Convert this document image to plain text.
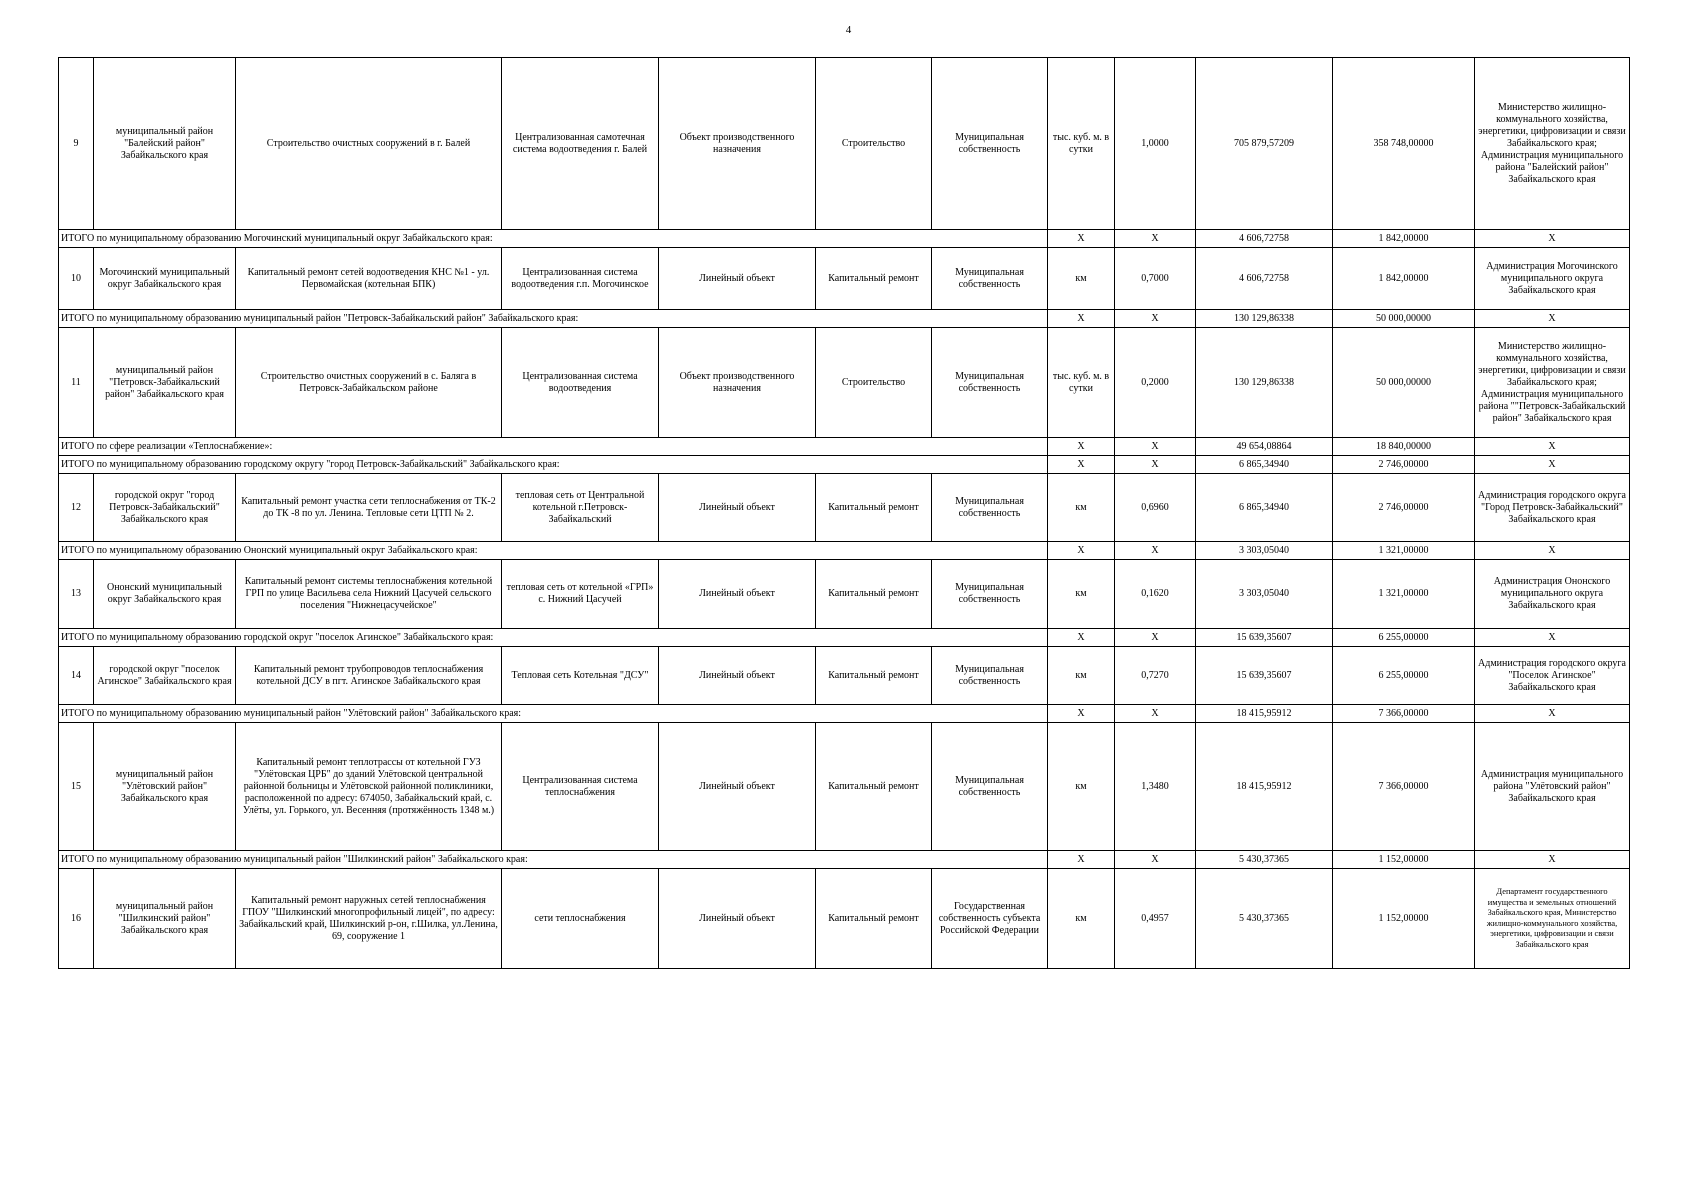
4
9	муниципальный район "Балейский район" Забайкальского края	Строительство очистных сооружений в г. Балей	Централизованная самотечная система водоотведения г. Балей	Объект производственного назначения	Строительство	Муниципальная собственность	тыс. куб. м. в сутки	1,0000	705 879,57209	358 748,00000	Министерство жилищно-коммунального хозяйства, энергетики, цифровизации и связи Забайкальского края; Администрация муниципального района "Балейский район" Забайкальского края
ИТОГО по муниципальному образованию Могочинский муниципальный округ Забайкальского края:							Х	Х	4 606,72758	1 842,00000	Х
10	Могочинский муниципальный округ Забайкальского края	Капитальный ремонт сетей водоотведения КНС №1 - ул. Первомайская (котельная БПК)	Централизованная система водоотведения г.п. Могочинское	Линейный объект	Капитальный ремонт	Муниципальная собственность	км	0,7000	4 606,72758	1 842,00000	Администрация Могочинского муниципального округа Забайкальского края
ИТОГО по муниципальному образованию муниципальный район "Петровск-Забайкальский район" Забайкальского края:							Х	Х	130 129,86338	50 000,00000	Х
11	муниципальный район "Петровск-Забайкальский район" Забайкальского края	Строительство очистных сооружений в с. Баляга в Петровск-Забайкальском районе	Централизованная система водоотведения	Объект производственного назначения	Строительство	Муниципальная собственность	тыс. куб. м. в сутки	0,2000	130 129,86338	50 000,00000	Министерство жилищно-коммунального хозяйства, энергетики, цифровизации и связи Забайкальского края; Администрация муниципального района ""Петровск-Забайкальский район" Забайкальского края
ИТОГО по сфере реализации «Теплоснабжение»:							Х	Х	49 654,08864	18 840,00000	Х
ИТОГО по муниципальному образованию городскому округу "город Петровск-Забайкальский" Забайкальского края:							Х	Х	6 865,34940	2 746,00000	Х
12	городской округ "город Петровск-Забайкальский" Забайкальского края	Капитальный ремонт участка сети теплоснабжения от ТК-2 до ТК -8 по ул. Ленина. Тепловые сети ЦТП № 2.	тепловая сеть от Центральной котельной г.Петровск-Забайкальский	Линейный объект	Капитальный ремонт	Муниципальная собственность	км	0,6960	6 865,34940	2 746,00000	Администрация городского округа "Город Петровск-Забайкальский" Забайкальского края
ИТОГО по муниципальному образованию Ононский муниципальный округ Забайкальского края:							Х	Х	3 303,05040	1 321,00000	Х
13	Ононский муниципальный округ Забайкальского края	Капитальный ремонт системы теплоснабжения котельной ГРП по улице Васильева села Нижний Цасучей сельского поселения "Нижнецасучейское"	тепловая сеть от котельной «ГРП» с. Нижний Цасучей	Линейный объект	Капитальный ремонт	Муниципальная собственность	км	0,1620	3 303,05040	1 321,00000	Администрация Ононского муниципального округа Забайкальского края
ИТОГО по муниципальному образованию городской округ "поселок Агинское" Забайкальского края:							Х	Х	15 639,35607	6 255,00000	Х
14	городской округ "поселок Агинское" Забайкальского края	Капитальный ремонт трубопроводов теплоснабжения котельной ДСУ в пгт. Агинское Забайкальского края	Тепловая сеть Котельная "ДСУ"	Линейный объект	Капитальный ремонт	Муниципальная собственность	км	0,7270	15 639,35607	6 255,00000	Администрация городского округа "Поселок Агинское" Забайкальского края
ИТОГО по муниципальному образованию муниципальный район "Улётовский район" Забайкальского края:							Х	Х	18 415,95912	7 366,00000	Х
15	муниципальный район "Улётовский район" Забайкальского края	Капитальный ремонт теплотрассы от котельной ГУЗ "Улётовская ЦРБ" до зданий Улётовской центральной районной больницы и Улётовской районной поликлиники, расположенной по адресу: 674050, Забайкальский край, с. Улёты, ул. Горького, ул. Весенняя (протяжённость 1348 м.)	Централизованная система теплоснабжения	Линейный объект	Капитальный ремонт	Муниципальная собственность	км	1,3480	18 415,95912	7 366,00000	Администрация муниципального района "Улётовский район" Забайкальского края
ИТОГО по муниципальному образованию муниципальный район "Шилкинский район" Забайкальского края:							Х	Х	5 430,37365	1 152,00000	Х
16	муниципальный район "Шилкинский район" Забайкальского края	Капитальный ремонт наружных сетей теплоснабжения ГПОУ "Шилкинский многопрофильный лицей", по адресу: Забайкальский край, Шилкинский р-он, г.Шилка, ул.Ленина, 69, сооружение 1	сети теплоснабжения	Линейный объект	Капитальный ремонт	Государственная собственность субъекта Российской Федерации	км	0,4957	5 430,37365	1 152,00000	Департамент государственного имущества и земельных отношений Забайкальского края, Министерство жилищно-коммунального хозяйства, энергетики, цифровизации и связи Забайкальского края
